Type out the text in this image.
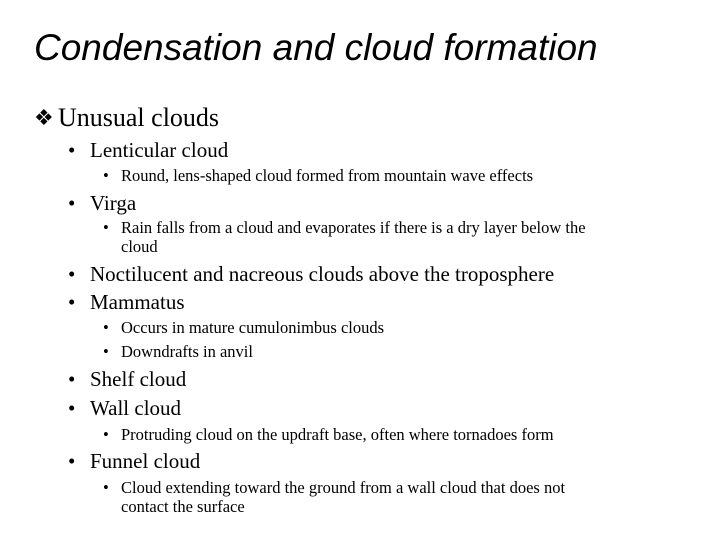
Condensation and cloud formation
❖ Unusual clouds
• Lenticular cloud
• Round, lens-shaped cloud formed from mountain wave effects
• Virga
• Rain falls from a cloud and evaporates if there is a dry layer below the
cloud
• Noctilucent and nacreous clouds above the troposphere
• Mammatus
• Occurs in mature cumulonimbus clouds
• Downdrafts in anvil
• Shelf cloud
• Wall cloud
• Protruding cloud on the updraft base, often where tornadoes form
• Funnel cloud
• Cloud extending toward the ground from a wall cloud that does not
contact the surface
